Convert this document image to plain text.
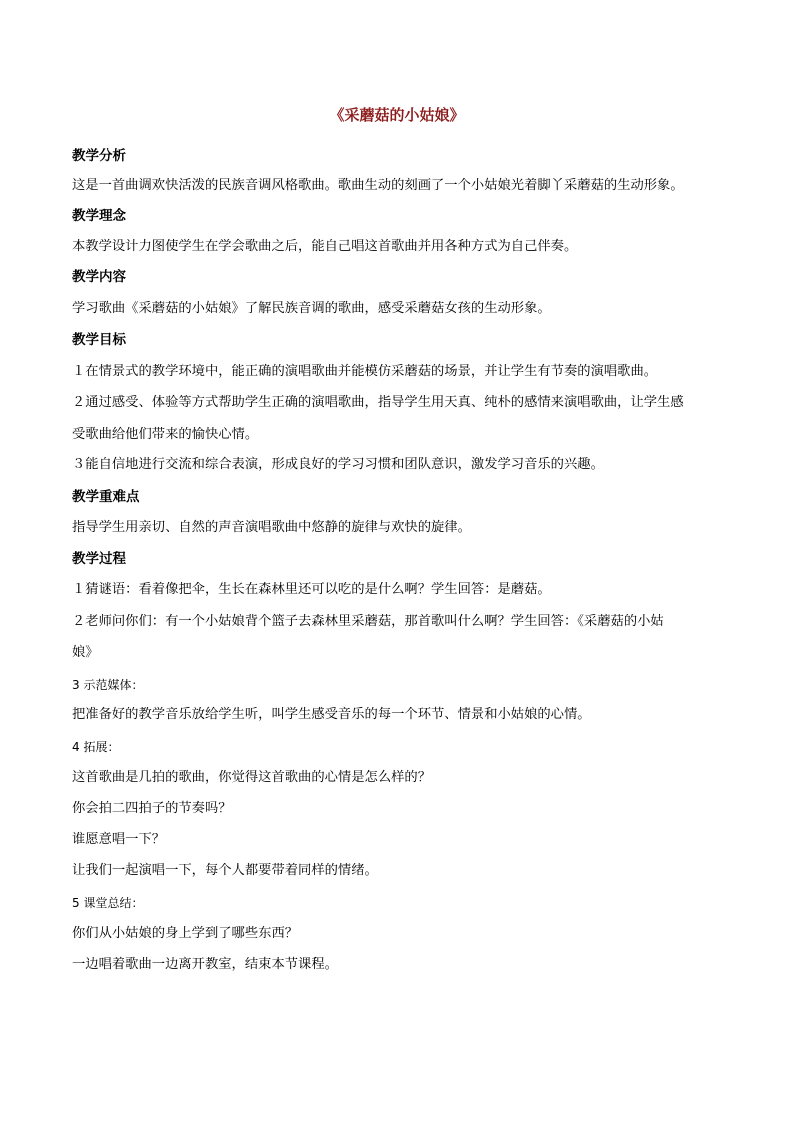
《采蘑菇的小姑娘》
教学分析
这是一首曲调欢快活泼的民族音调风格歌曲。歌曲生动的刻画了一个小姑娘光着脚丫采蘑菇的生动形象。
教学理念
本教学设计力图使学生在学会歌曲之后，能自己唱这首歌曲并用各种方式为自己伴奏。
教学内容
学习歌曲《采蘑菇的小姑娘》了解民族音调的歌曲，感受采蘑菇女孩的生动形象。
教学目标
１在情景式的教学环境中，能正确的演唱歌曲并能模仿采蘑菇的场景，并让学生有节奏的演唱歌曲。
２通过感受、体验等方式帮助学生正确的演唱歌曲，指导学生用天真、纯朴的感情来演唱歌曲，让学生感
受歌曲给他们带来的愉快心情。
３能自信地进行交流和综合表演，形成良好的学习习惯和团队意识，激发学习音乐的兴趣。
教学重难点
指导学生用亲切、自然的声音演唱歌曲中悠静的旋律与欢快的旋律。
教学过程
１猜谜语：看着像把伞，生长在森林里还可以吃的是什么啊？学生回答：是蘑菇。
２老师问你们：有一个小姑娘背个篮子去森林里采蘑菇，那首歌叫什么啊？学生回答：《采蘑菇的小姑
娘》
3 示范媒体：
把准备好的教学音乐放给学生听，叫学生感受音乐的每一个环节、情景和小姑娘的心情。
4 拓展：
这首歌曲是几拍的歌曲，你觉得这首歌曲的心情是怎么样的？
你会拍二四拍子的节奏吗？
谁愿意唱一下？
让我们一起演唱一下，每个人都要带着同样的情绪。
5 课堂总结：
你们从小姑娘的身上学到了哪些东西？
一边唱着歌曲一边离开教室，结束本节课程。
